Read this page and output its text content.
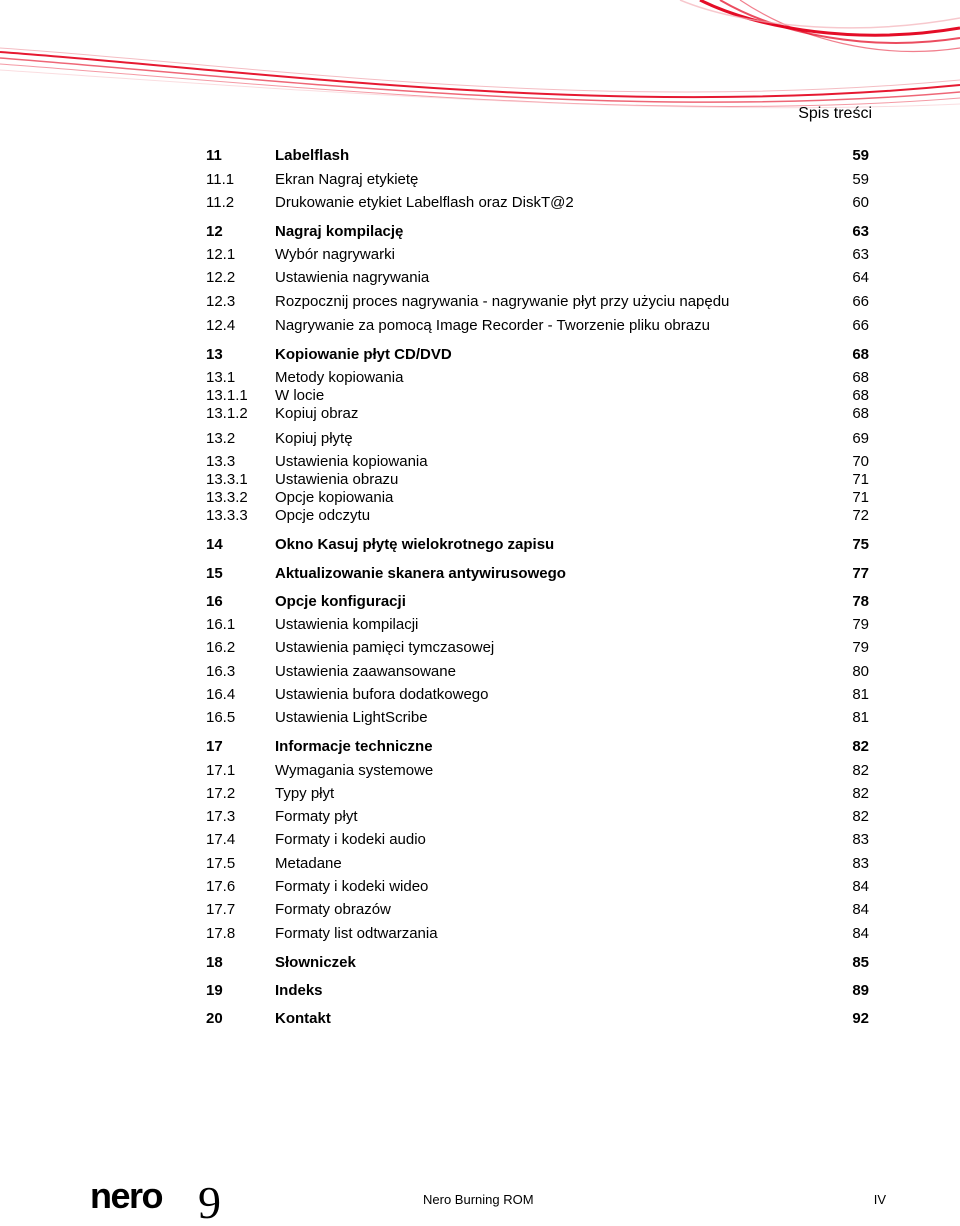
Spis treści
11	Labelflash	59
11.1	Ekran Nagraj etykietę	59
11.2	Drukowanie etykiet Labelflash oraz DiskT@2	60
12	Nagraj kompilację	63
12.1	Wybór nagrywarki	63
12.2	Ustawienia nagrywania	64
12.3	Rozpocznij proces nagrywania - nagrywanie płyt przy użyciu napędu	66
12.4	Nagrywanie za pomocą Image Recorder - Tworzenie pliku obrazu	66
13	Kopiowanie płyt CD/DVD	68
13.1	Metody kopiowania	68
13.1.1 W locie	68
13.1.2 Kopiuj obraz	68
13.2	Kopiuj płytę	69
13.3	Ustawienia kopiowania	70
13.3.1 Ustawienia obrazu	71
13.3.2 Opcje kopiowania	71
13.3.3 Opcje odczytu	72
14	Okno Kasuj płytę wielokrotnego zapisu	75
15	Aktualizowanie skanera antywirusowego	77
16	Opcje konfiguracji	78
16.1	Ustawienia kompilacji	79
16.2	Ustawienia pamięci tymczasowej	79
16.3	Ustawienia zaawansowane	80
16.4	Ustawienia bufora dodatkowego	81
16.5	Ustawienia LightScribe	81
17	Informacje techniczne	82
17.1	Wymagania systemowe	82
17.2	Typy płyt	82
17.3	Formaty płyt	82
17.4	Formaty i kodeki audio	83
17.5	Metadane	83
17.6	Formaty i kodeki wideo	84
17.7	Formaty obrazów	84
17.8	Formaty list odtwarzania	84
18	Słowniczek	85
19	Indeks	89
20	Kontakt	92
nero 9	Nero Burning ROM	IV
